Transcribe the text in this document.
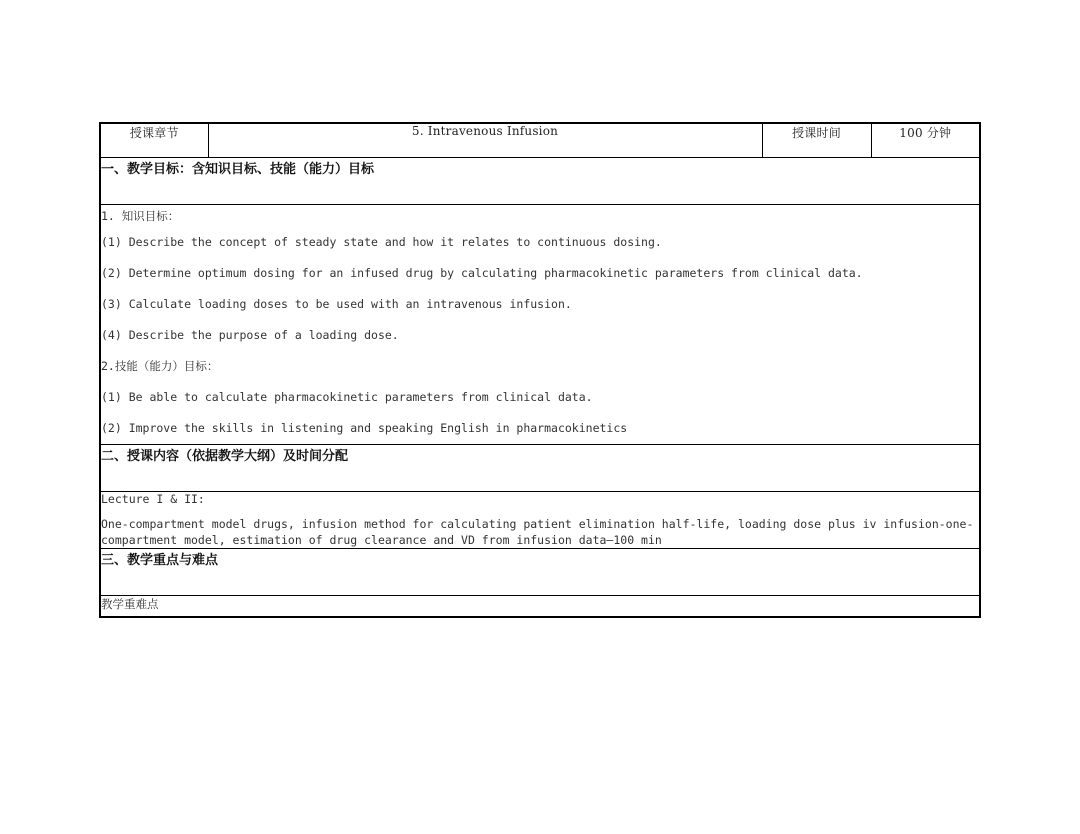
授课章节	5. Intravenous Infusion	授课时间	100 分钟
一、教学目标：含知识目标、技能（能力）目标

1. 知识目标：
(1) Describe the concept of steady state and how it relates to continuous dosing.
(2) Determine optimum dosing for an infused drug by calculating pharmacokinetic parameters from clinical data.
(3) Calculate loading doses to be used with an intravenous infusion.
(4) Describe the purpose of a loading dose.
2.技能（能力）目标：
(1) Be able to calculate pharmacokinetic parameters from clinical data.
(2) Improve the skills in listening and speaking English in pharmacokinetics

二、授课内容（依据教学大纲）及时间分配

Lecture I & II:
One-compartment model drugs, infusion method for calculating patient elimination half-life, loading dose plus iv infusion-one-compartment model, estimation of drug clearance and VD from infusion data—100 min

三、教学重点与难点
教学重难点
